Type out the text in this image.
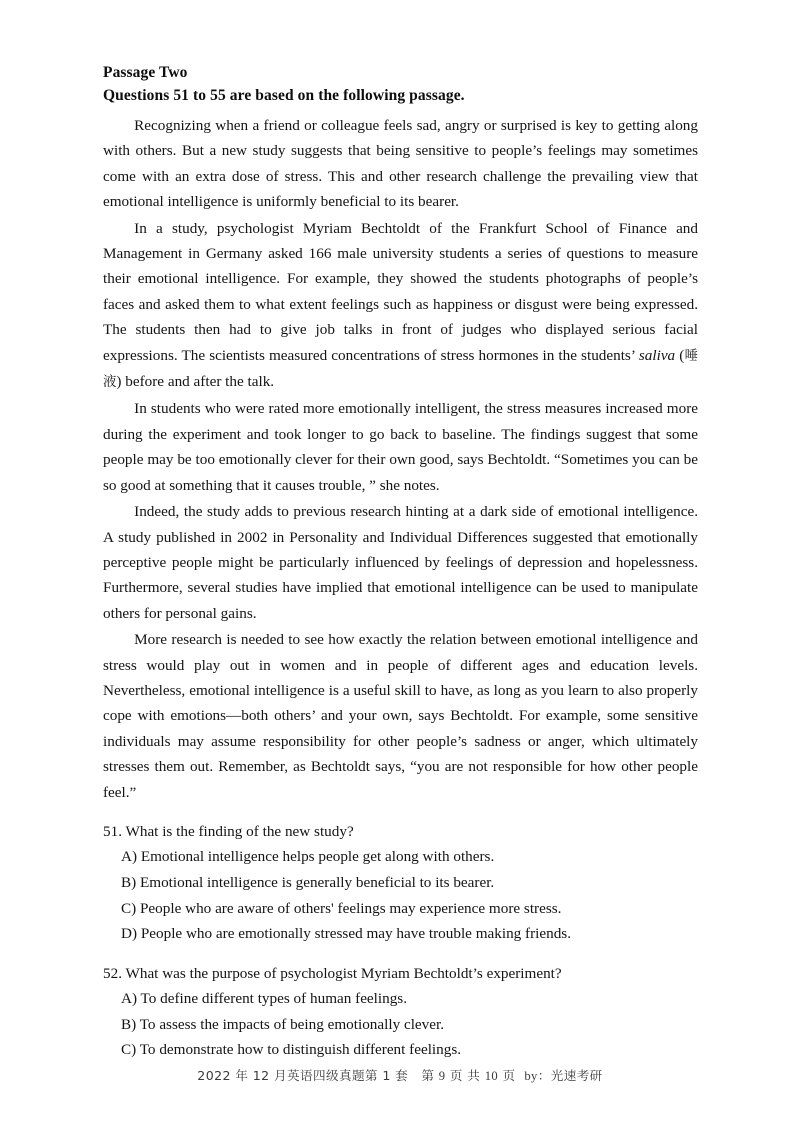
Passage Two
Questions 51 to 55 are based on the following passage.

Recognizing when a friend or colleague feels sad, angry or surprised is key to getting along with others. But a new study suggests that being sensitive to people’s feelings may sometimes come with an extra dose of stress. This and other research challenge the prevailing view that emotional intelligence is uniformly beneficial to its bearer.

In a study, psychologist Myriam Bechtoldt of the Frankfurt School of Finance and Management in Germany asked 166 male university students a series of questions to measure their emotional intelligence. For example, they showed the students photographs of people’s faces and asked them to what extent feelings such as happiness or disgust were being expressed. The students then had to give job talks in front of judges who displayed serious facial expressions. The scientists measured concentrations of stress hormones in the students’ saliva (唾液) before and after the talk.

In students who were rated more emotionally intelligent, the stress measures increased more during the experiment and took longer to go back to baseline. The findings suggest that some people may be too emotionally clever for their own good, says Bechtoldt. “Sometimes you can be so good at something that it causes trouble, ” she notes.

Indeed, the study adds to previous research hinting at a dark side of emotional intelligence. A study published in 2002 in Personality and Individual Differences suggested that emotionally perceptive people might be particularly influenced by feelings of depression and hopelessness. Furthermore, several studies have implied that emotional intelligence can be used to manipulate others for personal gains.

More research is needed to see how exactly the relation between emotional intelligence and stress would play out in women and in people of different ages and education levels. Nevertheless, emotional intelligence is a useful skill to have, as long as you learn to also properly cope with emotions—both others’ and your own, says Bechtoldt. For example, some sensitive individuals may assume responsibility for other people’s sadness or anger, which ultimately stresses them out. Remember, as Bechtoldt says, “you are not responsible for how other people feel.”

51. What is the finding of the new study?

A) Emotional intelligence helps people get along with others.

B) Emotional intelligence is generally beneficial to its bearer.

C) People who are aware of others' feelings may experience more stress.

D) People who are emotionally stressed may have trouble making friends.

52. What was the purpose of psychologist Myriam Bechtoldt’s experiment?

A) To define different types of human feelings.

B) To assess the impacts of being emotionally clever.

C) To demonstrate how to distinguish different feelings.

2022 年 12 月英语四级真题第 1 套 第 9 页 共 10 页 by：光速考研
